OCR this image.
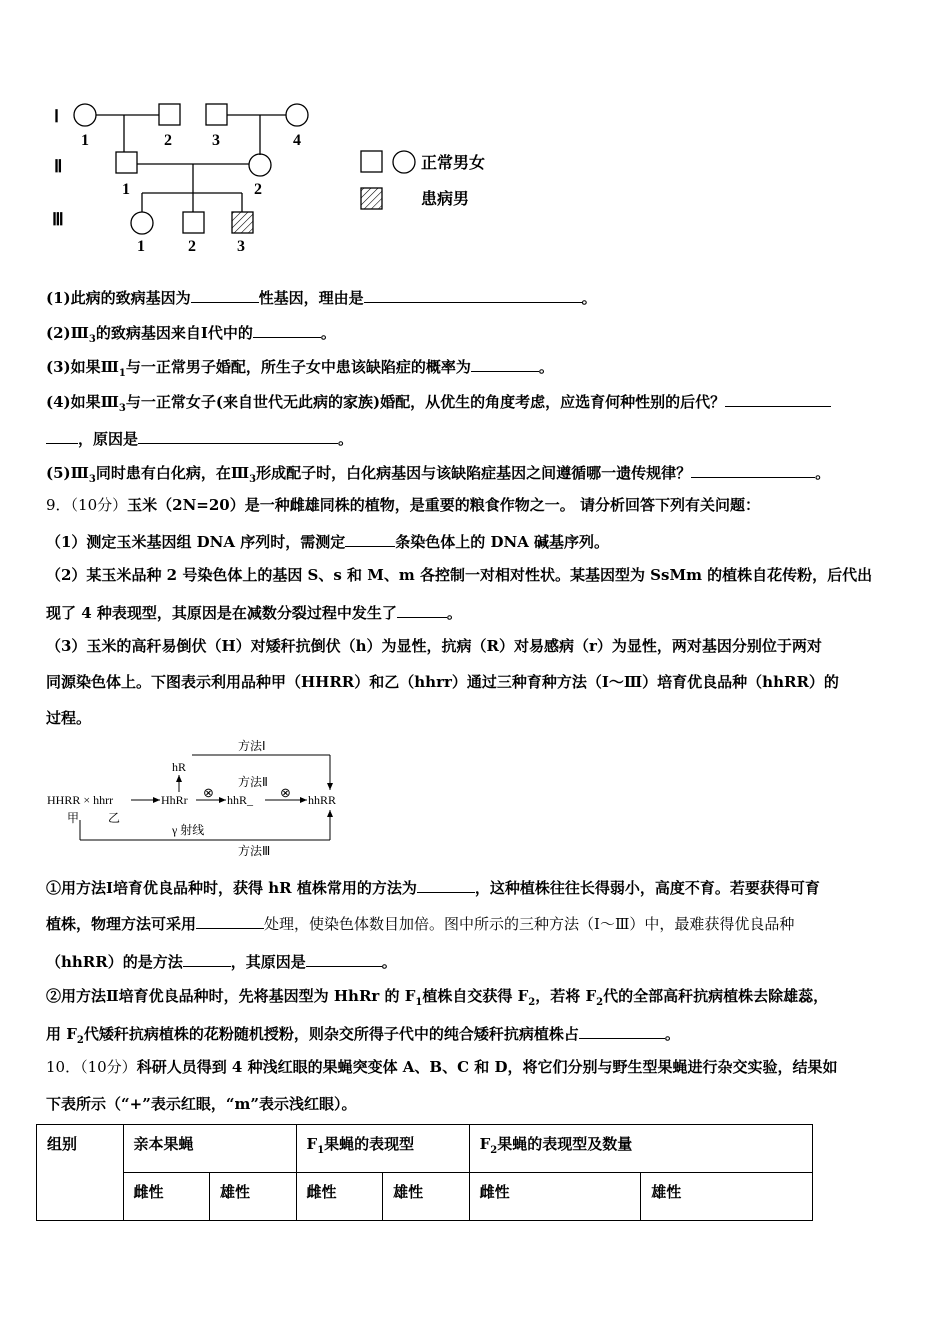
Ⅰ
Ⅱ
Ⅲ
1	2	3	4
1	2
1	2	3
正常男女
患病男
方法Ⅰ
hR
方法Ⅱ
⊗	⊗
HHRR × hhrr	HhRr	hhR_	hhRR
甲 乙
γ 射线
方法Ⅲ
(1)此病的致病基因为	性基因，理由是	。
$(2)Ⅲ_3$的致病基因来自Ⅰ代中的	。
(3)如果$Ⅲ_1$与一正常男子婚配，所生子女中患该缺陷症的概率为	。
(4)如果$Ⅲ_3$与一正常女子(来自世代无此病的家族)婚配，从优生的角度考虑，应选育何种性别的后代？
，原因是	。
$(5)Ⅲ_3$同时患有白化病，在$Ⅲ_3$形成配子时，白化病基因与该缺陷症基因之间遵循哪一遗传规律？	。
9．（10分）玉米（2N=20）是一种雌雄同株的植物，是重要的粮食作物之一。 请分析回答下列有关问题：
（1）测定玉米基因组 DNA 序列时，需测定	条染色体上的 DNA 碱基序列。
（2）某玉米品种 2 号染色体上的基因 S、s 和 M、m 各控制一对相对性状。某基因型为 SsMm 的植株自花传粉，后代出
现了 4 种表现型，其原因是在减数分裂过程中发生了	。
（3）玉米的高秆易倒伏（H）对矮秆抗倒伏（h）为显性，抗病（R）对易感病（r）为显性，两对基因分别位于两对
同源染色体上。下图表示利用品种甲（HHRR）和乙（hhrr）通过三种育种方法（Ⅰ～Ⅲ）培育优良品种（hhRR）的
过程。
①用方法Ⅰ培育优良品种时，获得 hR 植株常用的方法为	，这种植株往往长得弱小，高度不育。若要获得可育
植株，物理方法可采用	处理，使染色体数目加倍。图中所示的三种方法（Ⅰ～Ⅲ）中，最难获得优良品种
（hhRR）的是方法	，其原因是	。
②用方法Ⅱ培育优良品种时，先将基因型为 HhRr 的 $F_1$植株自交获得 $F_2$，若将 $F_2$代的全部高秆抗病植株去除雄蕊，
用 $F_2$代矮秆抗病植株的花粉随机授粉，则杂交所得子代中的纯合矮秆抗病植株占	。
10．（10分）科研人员得到 4 种浅红眼的果蝇突变体 A、B、C 和 D，将它们分别与野生型果蝇进行杂交实验，结果如
下表所示（“+”表示红眼，“m”表示浅红眼）。
组别	亲本果蝇		$F_1$果蝇的表现型		$F_2$果蝇的表现型及数量	
	雌性	雄性	雌性	雄性	雌性	雄性
